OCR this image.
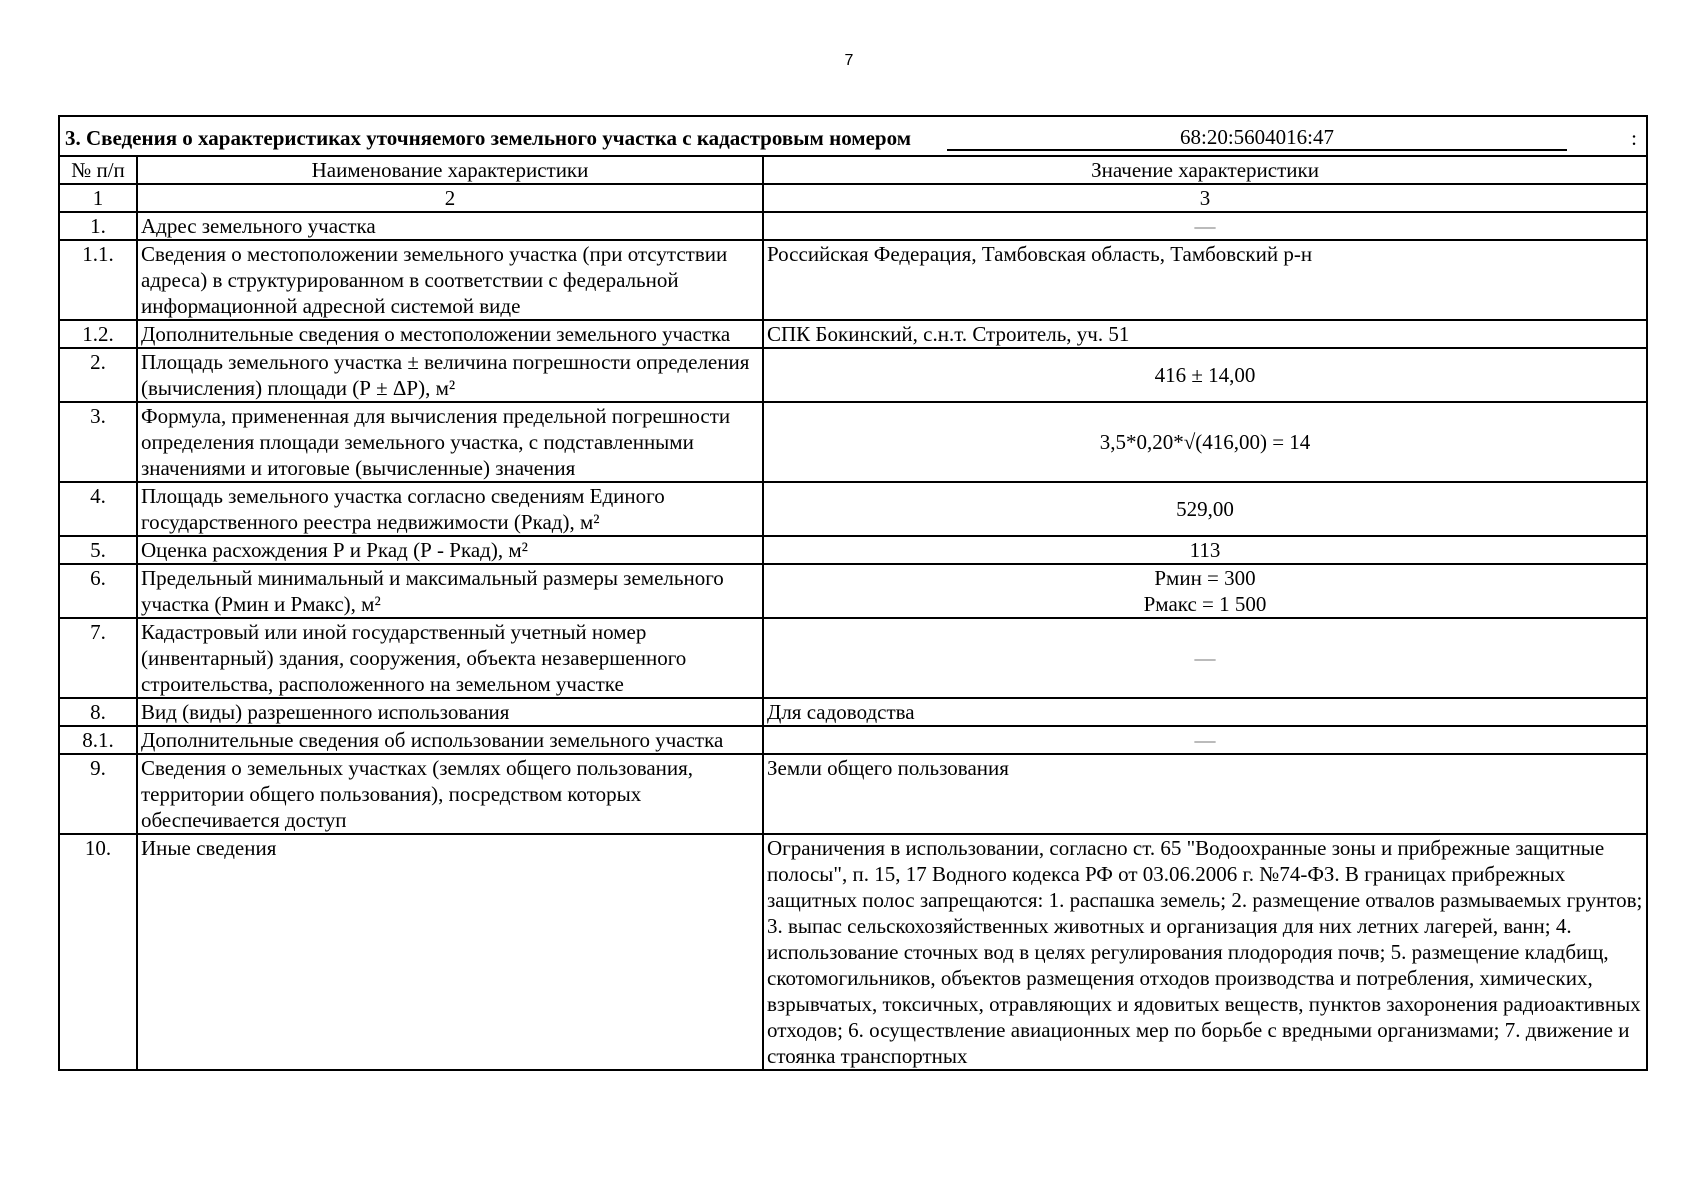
7
3. Сведения о характеристиках уточняемого земельного участка с кадастровым номером 68:20:5604016:47 :		

№ п/п	Наименование характеристики	Значение характеристики
1	2	3
1.	Адрес земельного участка	—
1.1.	Сведения о местоположении земельного участка (при отсутствии адреса) в структурированном в соответствии с федеральной информационной адресной системой виде	Российская Федерация, Тамбовская область, Тамбовский р-н
1.2.	Дополнительные сведения о местоположении земельного участка	СПК Бокинский, с.н.т. Строитель, уч. 51
2.	Площадь земельного участка ± величина погрешности определения (вычисления) площади (Р ± ΔР), м²	416 ± 14,00
3.	Формула, примененная для вычисления предельной погрешности определения площади земельного участка, с подставленными значениями и итоговые (вычисленные) значения	3,5*0,20*√(416,00) = 14
4.	Площадь земельного участка согласно сведениям Единого государственного реестра недвижимости (Ркад), м²	529,00
5.	Оценка расхождения Р и Ркад (Р - Ркад), м²	113
6.	Предельный минимальный и максимальный размеры земельного участка (Рмин и Рмакс), м²	Рмин = 300
Рмакс = 1 500

7.	Кадастровый или иной государственный учетный номер (инвентарный) здания, сооружения, объекта незавершенного строительства, расположенного на земельном участке	—
8.	Вид (виды) разрешенного использования	Для садоводства
8.1.	Дополнительные сведения об использовании земельного участка	—
9.	Сведения о земельных участках (землях общего пользования, территории общего пользования), посредством которых обеспечивается доступ	Земли общего пользования
10.	Иные сведения	Ограничения в использовании, согласно ст. 65 "Водоохранные зоны и прибрежные защитные полосы", п. 15, 17 Водного кодекса РФ от 03.06.2006 г. №74-ФЗ. В границах прибрежных защитных полос запрещаются: 1. распашка земель; 2. размещение отвалов размываемых грунтов; 3. выпас сельскохозяйственных животных и организация для них летних лагерей, ванн; 4. использование сточных вод в целях регулирования плодородия почв; 5. размещение кладбищ, скотомогильников, объектов размещения отходов производства и потребления, химических, взрывчатых, токсичных, отравляющих и ядовитых веществ, пунктов захоронения радиоактивных отходов; 6. осуществление авиационных мер по борьбе с вредными организмами; 7. движение и стоянка транспортных
